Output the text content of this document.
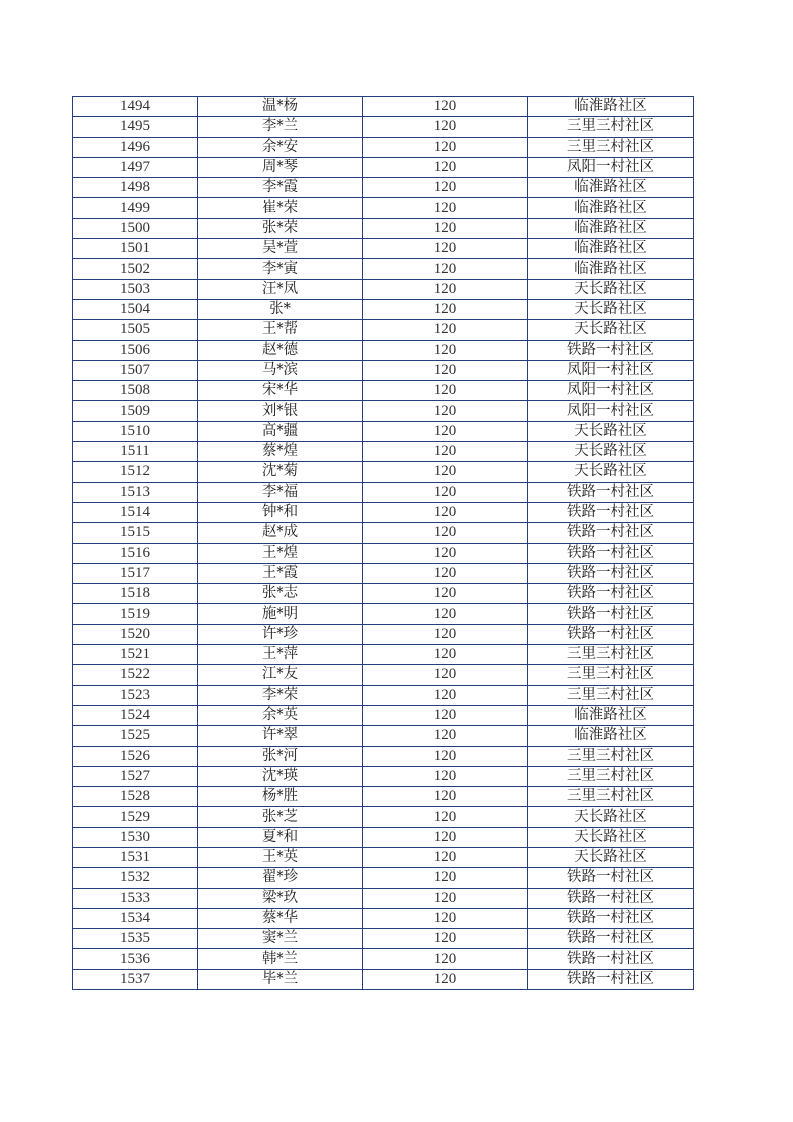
1494	温*杨	120	临淮路社区
1495	李*兰	120	三里三村社区
1496	余*安	120	三里三村社区
1497	周*琴	120	凤阳一村社区
1498	李*霞	120	临淮路社区
1499	崔*荣	120	临淮路社区
1500	张*荣	120	临淮路社区
1501	吴*萱	120	临淮路社区
1502	李*寅	120	临淮路社区
1503	汪*凤	120	天长路社区
1504	张*	120	天长路社区
1505	王*帮	120	天长路社区
1506	赵*德	120	铁路一村社区
1507	马*滨	120	凤阳一村社区
1508	宋*华	120	凤阳一村社区
1509	刘*银	120	凤阳一村社区
1510	高*疆	120	天长路社区
1511	蔡*煌	120	天长路社区
1512	沈*菊	120	天长路社区
1513	李*福	120	铁路一村社区
1514	钟*和	120	铁路一村社区
1515	赵*成	120	铁路一村社区
1516	王*煌	120	铁路一村社区
1517	王*霞	120	铁路一村社区
1518	张*志	120	铁路一村社区
1519	施*明	120	铁路一村社区
1520	许*珍	120	铁路一村社区
1521	王*萍	120	三里三村社区
1522	江*友	120	三里三村社区
1523	李*荣	120	三里三村社区
1524	余*英	120	临淮路社区
1525	许*翠	120	临淮路社区
1526	张*河	120	三里三村社区
1527	沈*瑛	120	三里三村社区
1528	杨*胜	120	三里三村社区
1529	张*芝	120	天长路社区
1530	夏*和	120	天长路社区
1531	王*英	120	天长路社区
1532	翟*珍	120	铁路一村社区
1533	梁*玖	120	铁路一村社区
1534	蔡*华	120	铁路一村社区
1535	窦*兰	120	铁路一村社区
1536	韩*兰	120	铁路一村社区
1537	毕*兰	120	铁路一村社区
